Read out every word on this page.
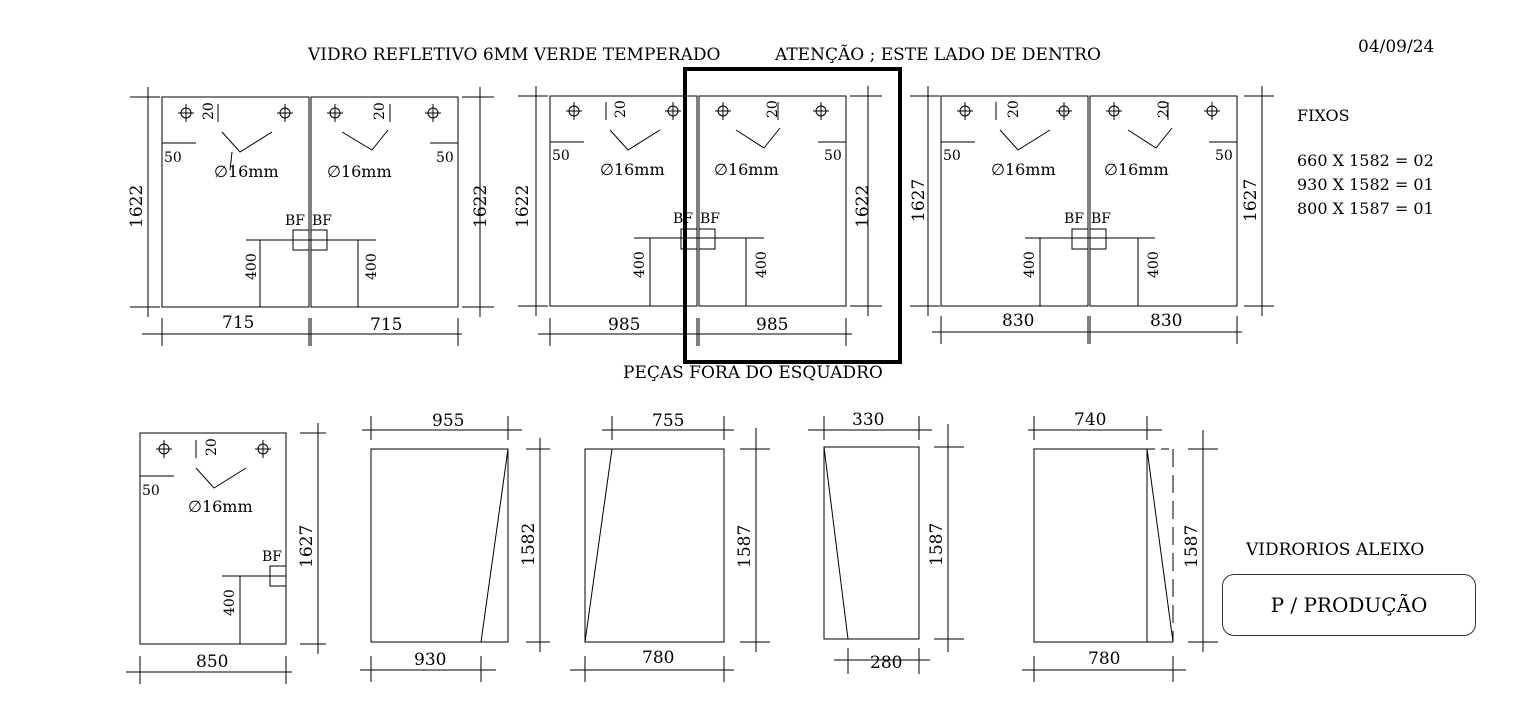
VIDRO REFLETIVO 6MM VERDE TEMPERADO	ATENÇÃO ; ESTE LADO DE DENTRO	04/09/24
FIXOS
660 X 1582 = 02
930 X 1582 = 01
800 X 1587 = 01
PEÇAS FORA DO ESQUADRO
20	20
50	50
∅16mm	∅16mm
BF BF
400	400
1622	1622
715	715
20	20
50	50
∅16mm	∅16mm
BF BF
400	400
1622	1622
985	985
20	20
50	50
∅16mm	∅16mm
BF BF
400	400
1627	1627
830	830
20
50
∅16mm
BF
400
1627
850
955
930
1582
755
780
1587
330
280
1587
740
780
1587	VIDRORIOS ALEIXO
P / PRODUÇÃO
